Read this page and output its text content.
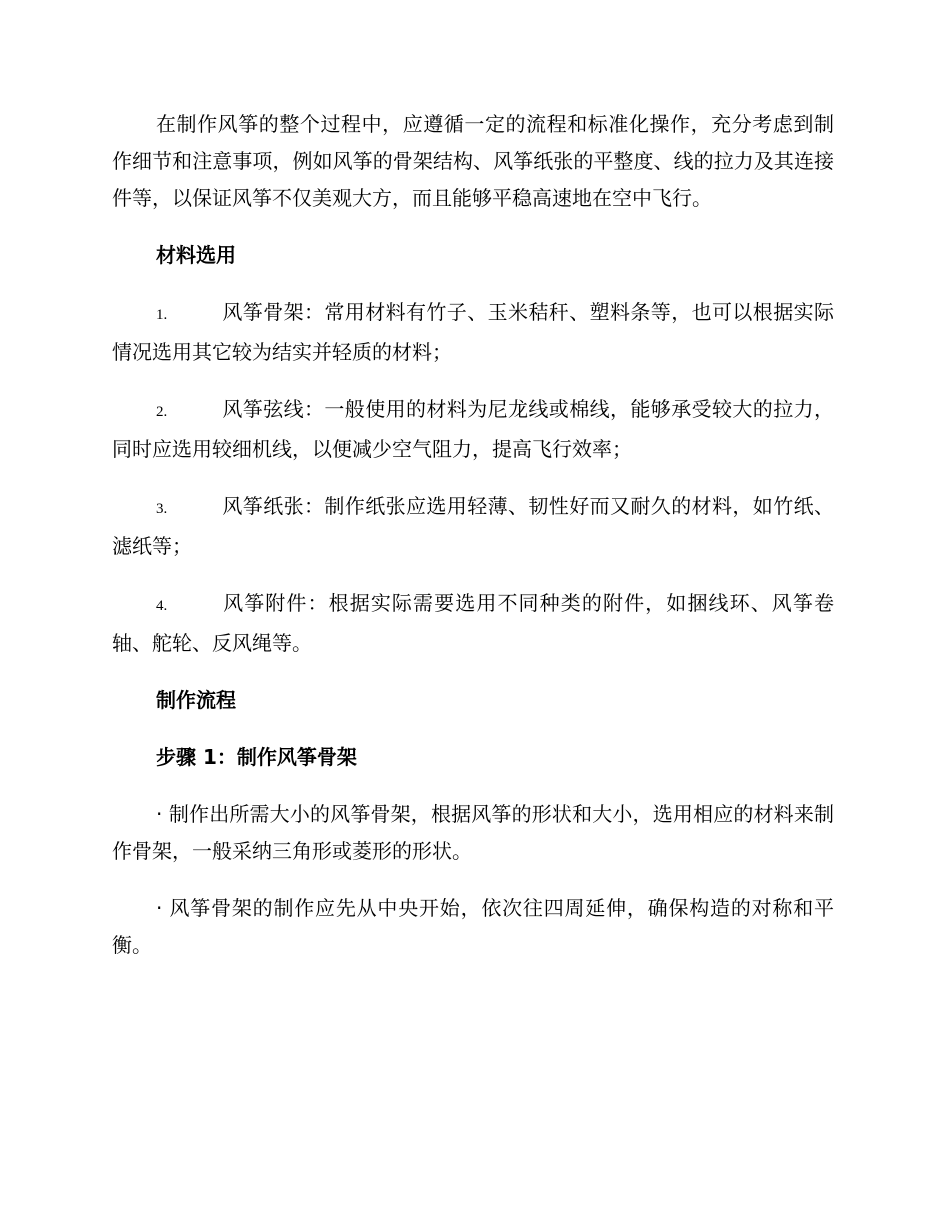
在制作风筝的整个过程中，应遵循一定的流程和标准化操作，充分考虑到制作细节和注意事项，例如风筝的骨架结构、风筝纸张的平整度、线的拉力及其连接件等，以保证风筝不仅美观大方，而且能够平稳高速地在空中飞行。

材料选用

1.	风筝骨架：常用材料有竹子、玉米秸秆、塑料条等，也可以根据实际情况选用其它较为结实并轻质的材料；

2.	风筝弦线：一般使用的材料为尼龙线或棉线，能够承受较大的拉力，同时应选用较细机线，以便减少空气阻力，提高飞行效率；

3.	风筝纸张：制作纸张应选用轻薄、韧性好而又耐久的材料，如竹纸、滤纸等；

4.	风筝附件：根据实际需要选用不同种类的附件，如捆线环、风筝卷轴、舵轮、反风绳等。

制作流程
步骤 1：制作风筝骨架

· 制作出所需大小的风筝骨架，根据风筝的形状和大小，选用相应的材料来制作骨架，一般采纳三角形或菱形的形状。

· 风筝骨架的制作应先从中央开始，依次往四周延伸，确保构造的对称和平衡。
